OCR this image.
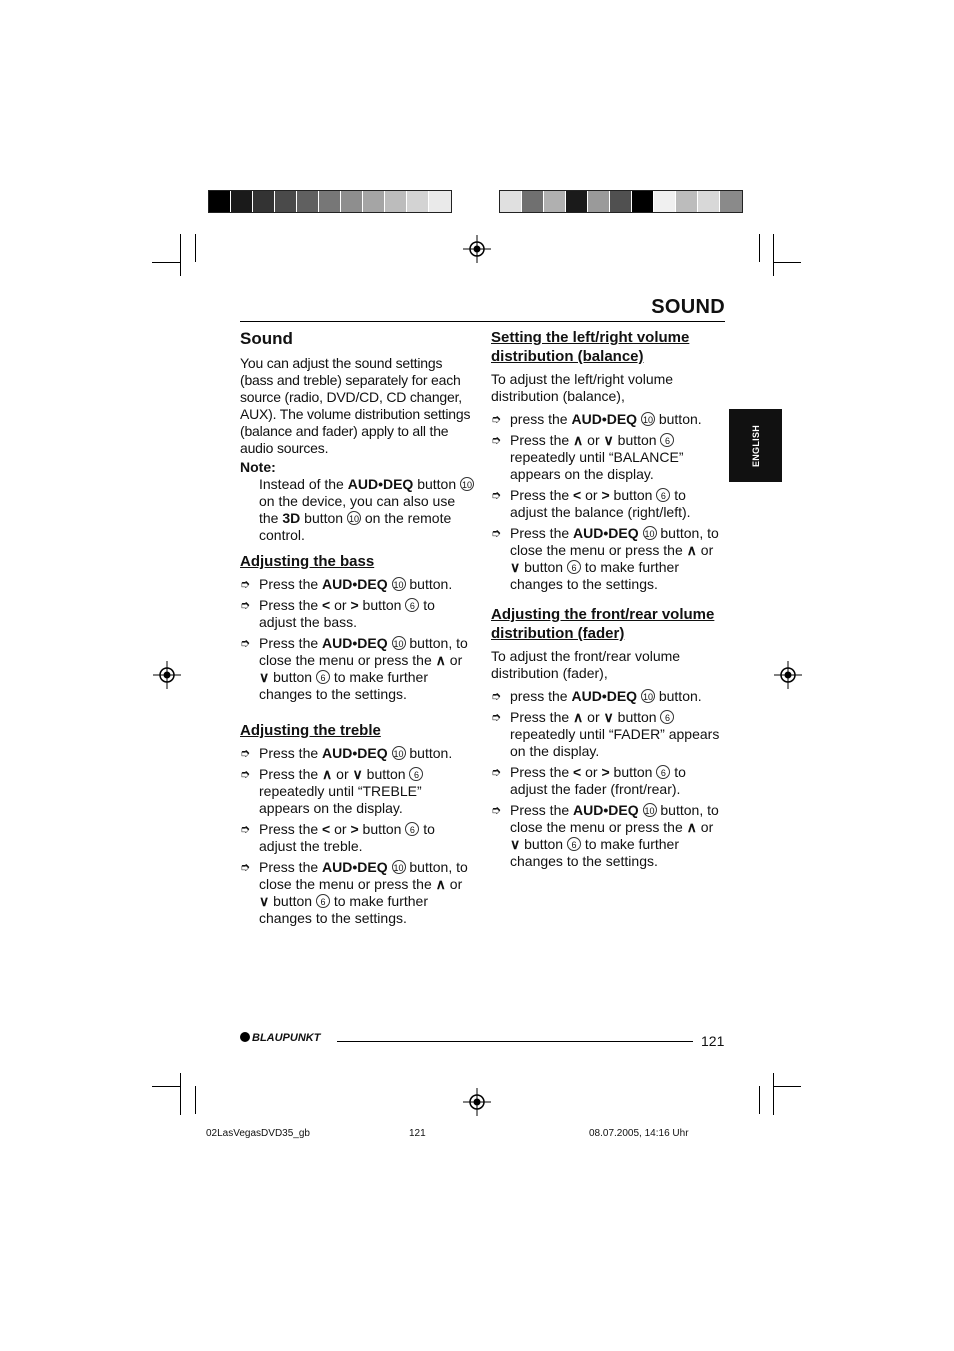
SOUND
ENGLISH
Sound

You can adjust the sound settings (bass and treble) separately for each source (radio, DVD/CD, CD changer, AUX). The volume distribution settings (balance and fader) apply to all the audio sources.

Note:

Instead of the AUD•DEQ button 10 on the device, you can also use the 3D button 10 on the remote control.

Adjusting the bass
➮ Press the AUD•DEQ 10 button.
➮ Press the < or > button 6 to adjust the bass.
➮ Press the AUD•DEQ 10 button, to close the menu or press the ∧ or ∨ button 6 to make further changes to the settings.
Adjusting the treble
➮ Press the AUD•DEQ 10 button.
➮ Press the ∧ or ∨ button 6 repeatedly until “TREBLE” appears on the display.
➮ Press the < or > button 6 to adjust the treble.
➮ Press the AUD•DEQ 10 button, to close the menu or press the ∧ or ∨ button 6 to make further changes to the settings.
Setting the left/right volume distribution (balance)

To adjust the left/right volume distribution (balance),

➮ press the AUD•DEQ 10 button.
➮ Press the ∧ or ∨ button 6 repeatedly until “BALANCE” appears on the display.
➮ Press the < or > button 6 to adjust the balance (right/left).
➮ Press the AUD•DEQ 10 button, to close the menu or press the ∧ or ∨ button 6 to make further changes to the settings.
Adjusting the front/rear volume distribution (fader)

To adjust the front/rear volume distribution (fader),

➮ press the AUD•DEQ 10 button.
➮ Press the ∧ or ∨ button 6 repeatedly until “FADER” appears on the display.
➮ Press the < or > button 6 to adjust the fader (front/rear).
➮ Press the AUD•DEQ 10 button, to close the menu or press the ∧ or ∨ button 6 to make further changes to the settings.
BLAUPUNKT	121
02LasVegasDVD35_gb	121	08.07.2005, 14:16 Uhr
